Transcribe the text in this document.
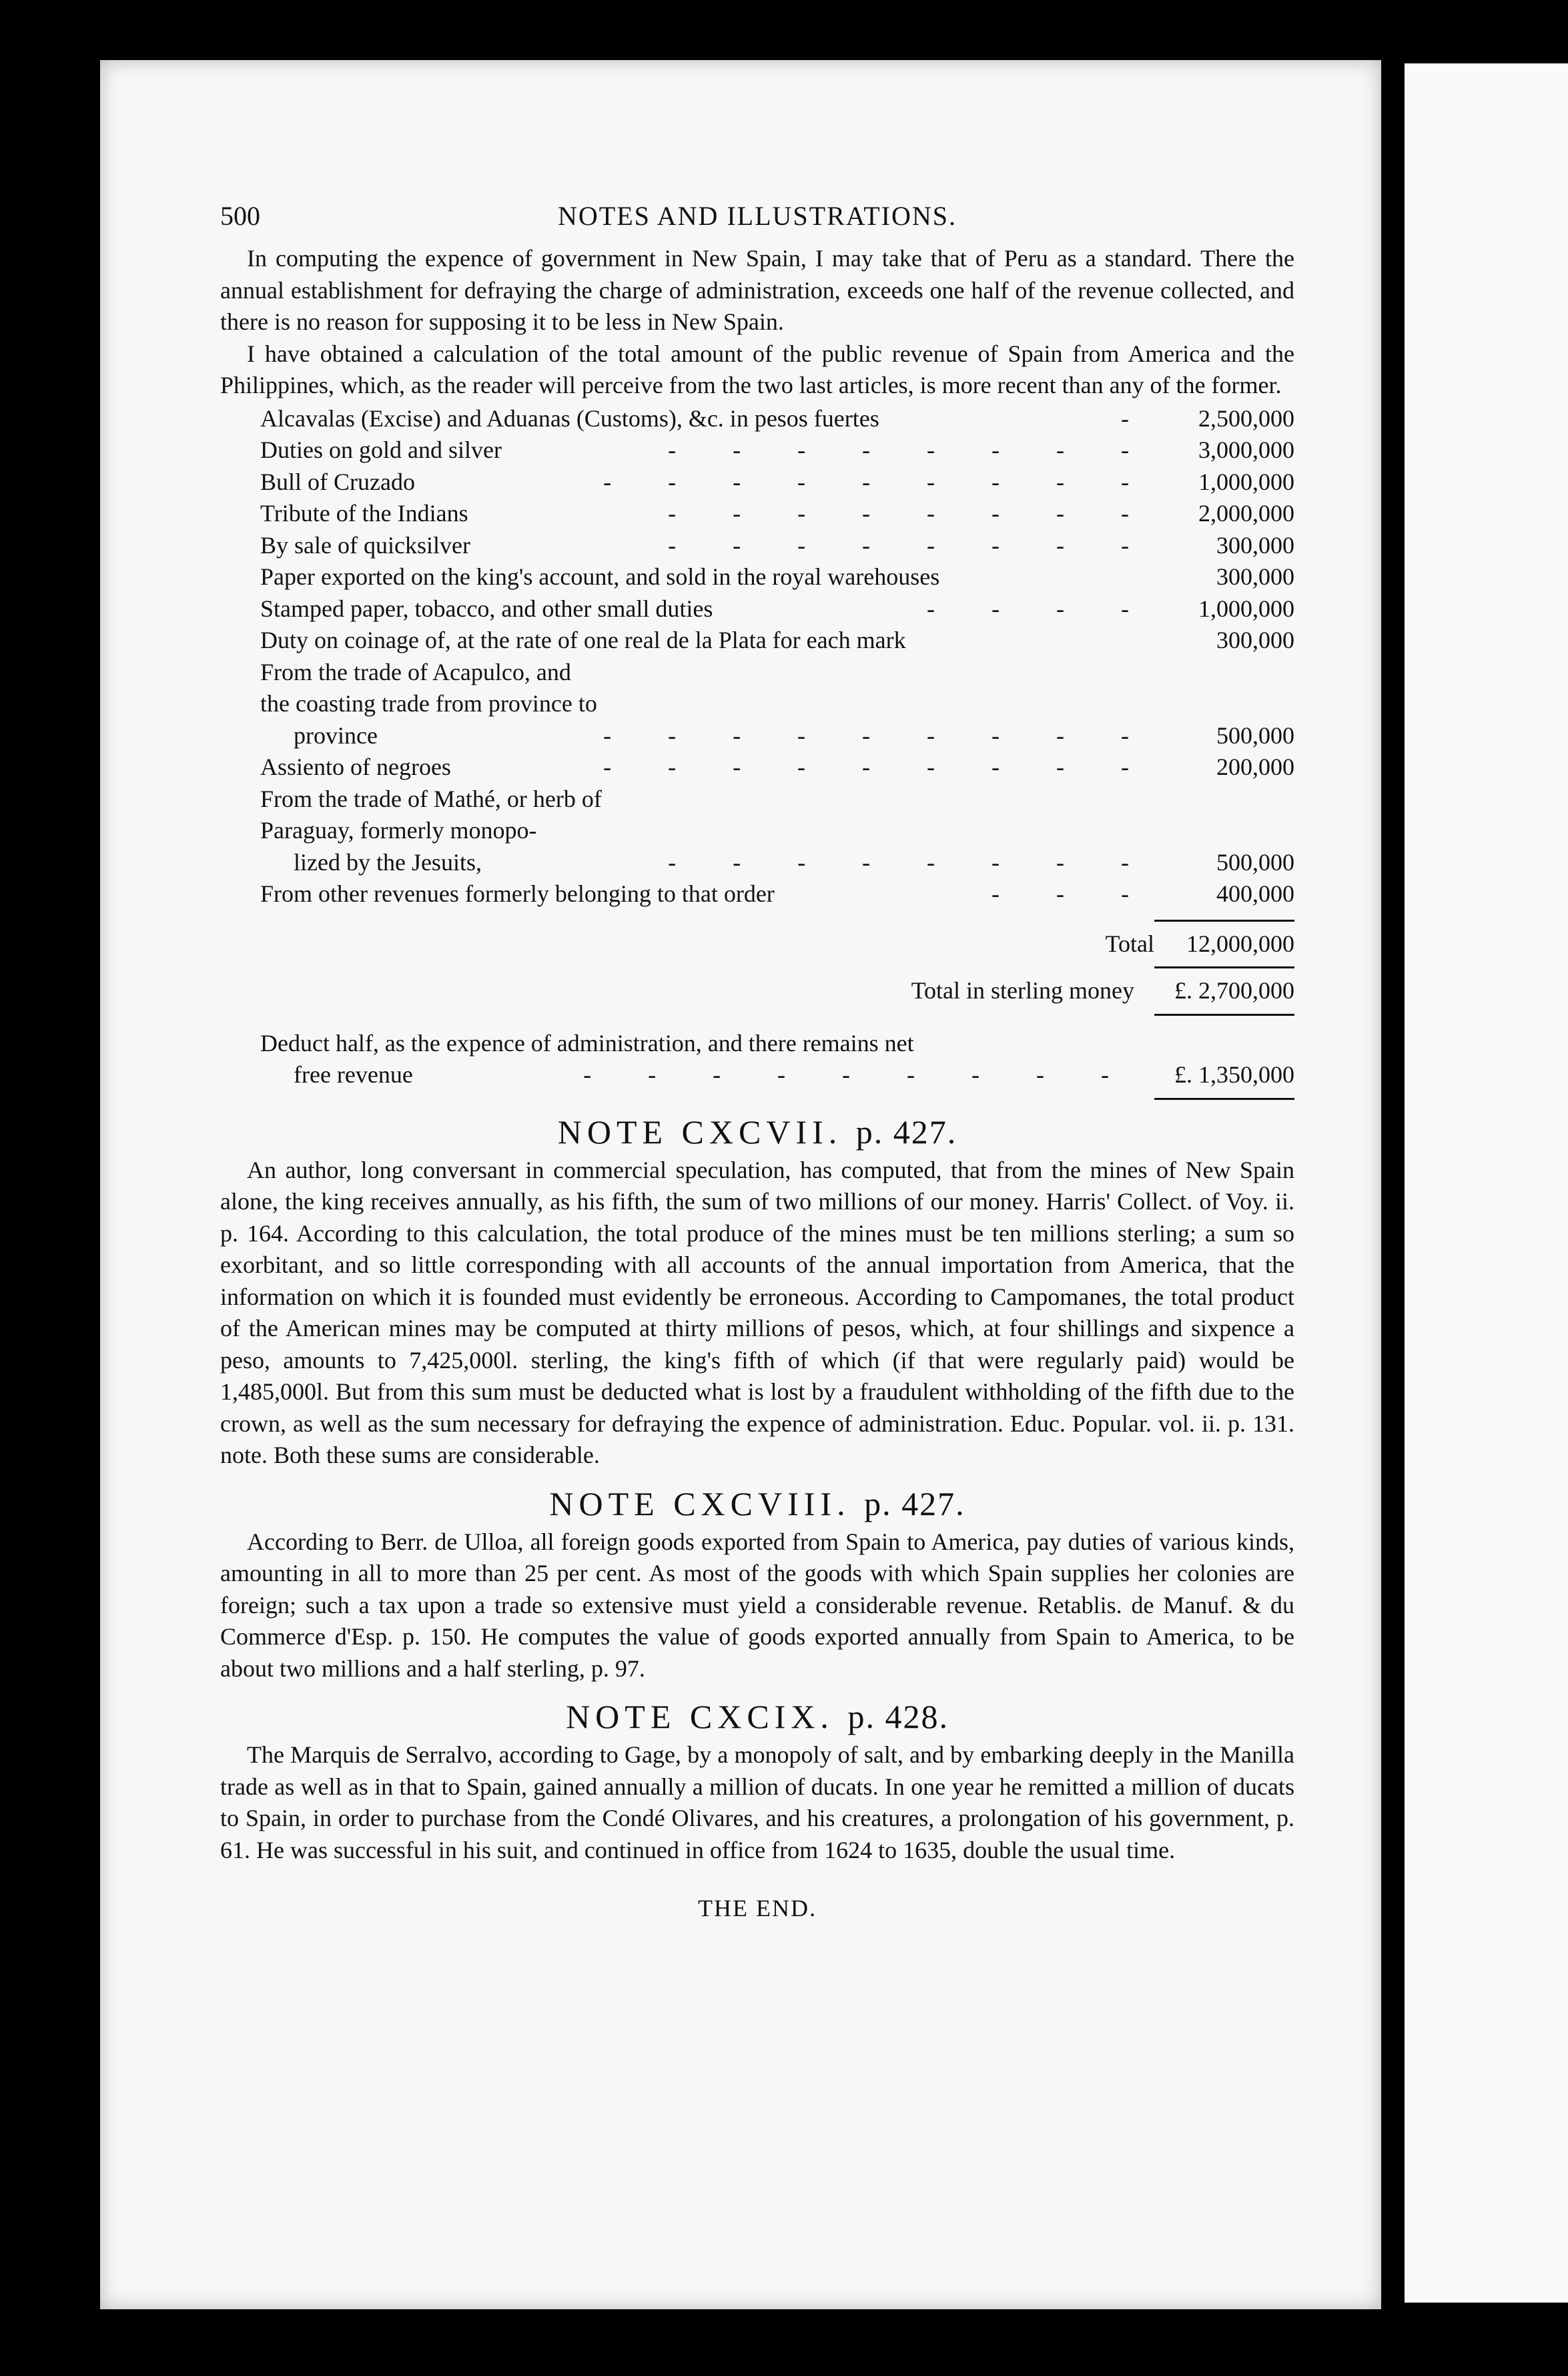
500	NOTES AND ILLUSTRATIONS.

In computing the expence of government in New Spain, I may take that of Peru as a standard. There the annual establishment for defraying the charge of administration, exceeds one half of the revenue collected, and there is no reason for supposing it to be less in New Spain.

I have obtained a calculation of the total amount of the public revenue of Spain from America and the Philippines, which, as the reader will perceive from the two last articles, is more recent than any of the former.

Alcavalas (Excise) and Aduanas (Customs), &c. in pesos fuertes	-	2,500,000
Duties on gold and silver	- - - - - - - -	3,000,000
Bull of Cruzado	- - - - - - - - -	1,000,000
Tribute of the Indians	- - - - - - - -	2,000,000
By sale of quicksilver	- - - - - - - -	300,000
Paper exported on the king's account, and sold in the royal warehouses	300,000
Stamped paper, tobacco, and other small duties	- - - -	1,000,000
Duty on coinage of, at the rate of one real de la Plata for each mark	300,000
From the trade of Acapulco, and the coasting trade from province to
province	- - - - - - - - -	500,000
Assiento of negroes	- - - - - - - - -	200,000
From the trade of Mathé, or herb of Paraguay, formerly monopo-
lized by the Jesuits,	- - - - - - - -	500,000
From other revenues formerly belonging to that order	- - -	400,000
Total	12,000,000
Total in sterling money	£. 2,700,000
Deduct half, as the expence of administration, and there remains net
free revenue	- - - - - - - - -	£. 1,350,000
NOTE CXCVII. p. 427.

An author, long conversant in commercial speculation, has computed, that from the mines of New Spain alone, the king receives annually, as his fifth, the sum of two millions of our money. Harris' Collect. of Voy. ii. p. 164. According to this calculation, the total produce of the mines must be ten millions sterling; a sum so exorbitant, and so little corresponding with all accounts of the annual importation from America, that the information on which it is founded must evidently be erroneous. According to Campomanes, the total product of the American mines may be computed at thirty millions of pesos, which, at four shillings and sixpence a peso, amounts to 7,425,000l. sterling, the king's fifth of which (if that were regularly paid) would be 1,485,000l. But from this sum must be deducted what is lost by a fraudulent withholding of the fifth due to the crown, as well as the sum necessary for defraying the expence of administration. Educ. Popular. vol. ii. p. 131. note. Both these sums are considerable.

NOTE CXCVIII. p. 427.

According to Berr. de Ulloa, all foreign goods exported from Spain to America, pay duties of various kinds, amounting in all to more than 25 per cent. As most of the goods with which Spain supplies her colonies are foreign; such a tax upon a trade so extensive must yield a considerable revenue. Retablis. de Manuf. & du Commerce d'Esp. p. 150. He computes the value of goods exported annually from Spain to America, to be about two millions and a half sterling, p. 97.

NOTE CXCIX. p. 428.

The Marquis de Serralvo, according to Gage, by a monopoly of salt, and by embarking deeply in the Manilla trade as well as in that to Spain, gained annually a million of ducats. In one year he remitted a million of ducats to Spain, in order to purchase from the Condé Olivares, and his creatures, a prolongation of his government, p. 61. He was successful in his suit, and continued in office from 1624 to 1635, double the usual time.

THE END.
